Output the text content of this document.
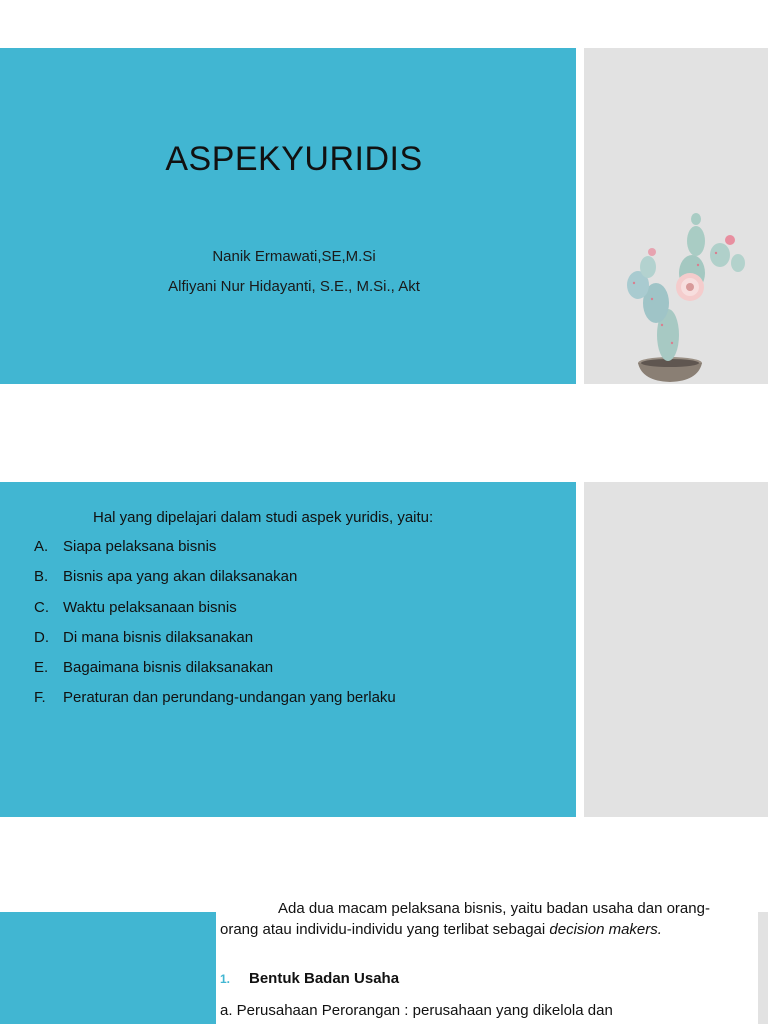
ASPEKYURIDIS
Nanik Ermawati,SE,M.Si
Alfiyani Nur Hidayanti, S.E., M.Si., Akt
Hal yang dipelajari dalam studi aspek yuridis, yaitu:
A. Siapa pelaksana bisnis
B. Bisnis apa yang akan dilaksanakan
C. Waktu pelaksanaan bisnis
D. Di mana bisnis dilaksanakan
E. Bagaimana bisnis dilaksanakan
F.	Peraturan dan perundang-undangan yang berlaku

Ada dua macam pelaksana bisnis, yaitu badan usaha dan orang-orang atau individu-individu yang terlibat sebagai decision makers.

1.	Bentuk Badan Usaha
a. Perusahaan Perorangan : perusahaan yang dikelola dan
